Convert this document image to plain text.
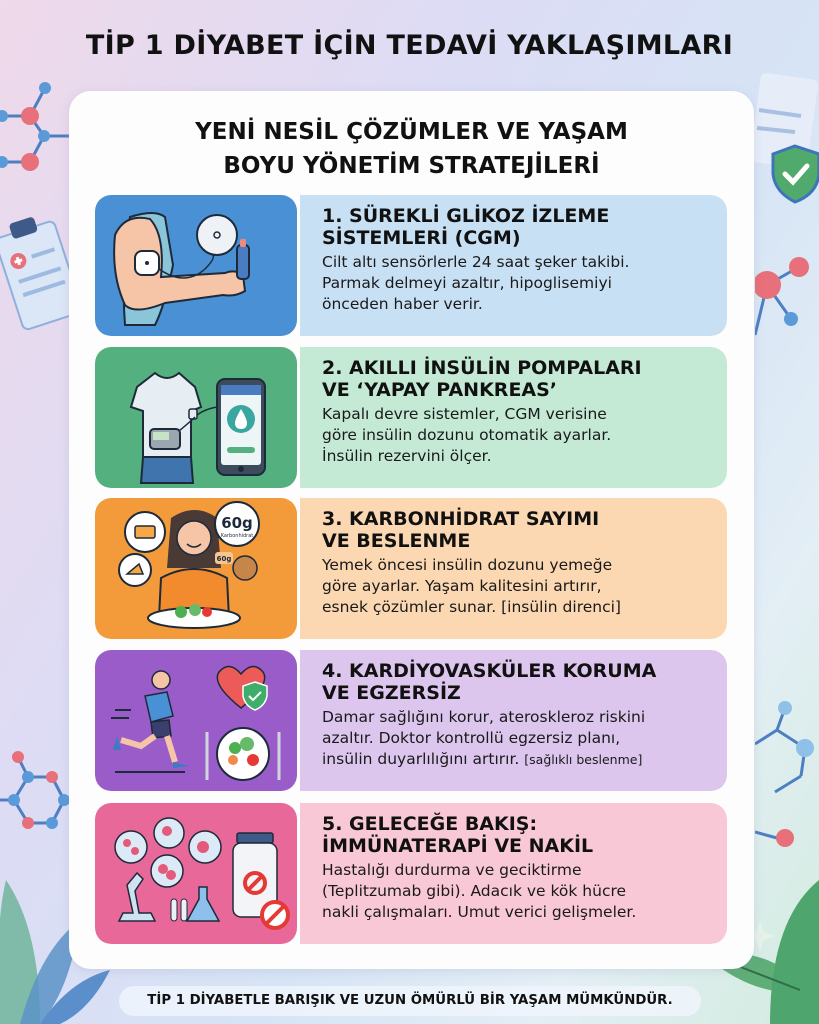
TİP 1 DİYABET İÇİN TEDAVİ YAKLAŞIMLARI
YENİ NESİL ÇÖZÜMLER VE YAŞAM
BOYU YÖNETİM STRATEJİLERİ
1. SÜREKLİ GLİKOZ İZLEME
SİSTEMLERİ (CGM)
Cilt altı sensörlerle 24 saat şeker takibi.
Parmak delmeyi azaltır, hipoglisemiyi
önceden haber verir.
2. AKILLI İNSÜLİN POMPALARI
VE ‘YAPAY PANKREAS’
Kapalı devre sistemler, CGM verisine
göre insülin dozunu otomatik ayarlar.
İnsülin rezervini ölçer.
60g
Karbonhidrat
60g
3. KARBONHİDRAT SAYIMI
VE BESLENME
Yemek öncesi insülin dozunu yemeğe
göre ayarlar. Yaşam kalitesini artırır,
esnek çözümler sunar. [insülin direnci]
4. KARDİYOVASKÜLER KORUMA
VE EGZERSİZ
Damar sağlığını korur, ateroskleroz riskini
azaltır. Doktor kontrollü egzersiz planı,
insülin duyarlılığını artırır. [sağlıklı beslenme]
5. GELECEĞE BAKIŞ:
İMMÜNATERAPİ VE NAKİL
Hastalığı durdurma ve geciktirme
(Teplitzumab gibi). Adacık ve kök hücre
nakli çalışmaları. Umut verici gelişmeler.
TİP 1 DİYABETLE BARIŞIK VE UZUN ÖMÜRLÜ BİR YAŞAM MÜMKÜNDÜR.
